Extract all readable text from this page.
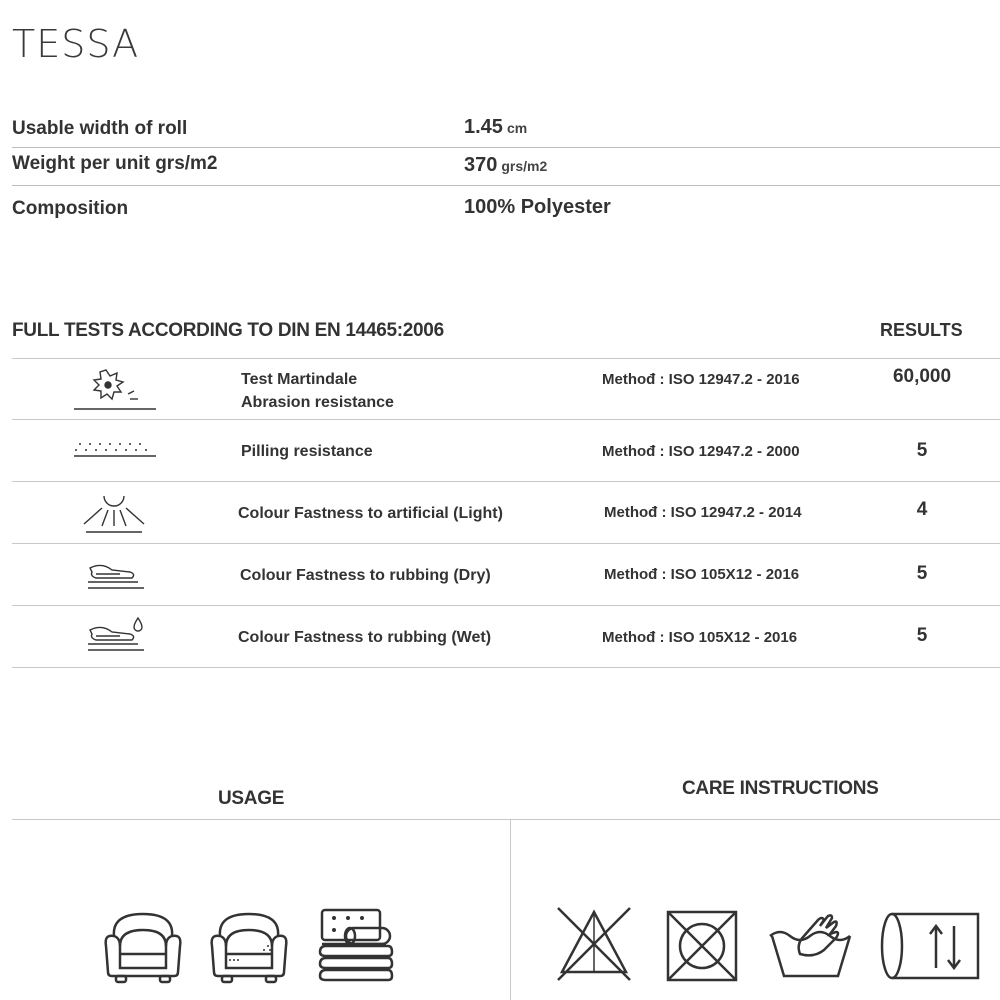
TESSA
Usable width of roll	1.45 cm
Weight per unit grs/m2	370 grs/m2
Composition	100% Polyester
FULL TESTS ACCORDING TO DIN EN 14465:2006	RESULTS
Test Martindale
Abrasion resistance
Methođ : ISO 12947.2 - 2016	60,000
Pilling resistance	Methođ : ISO 12947.2 - 2000	5
Colour Fastness to artificial (Light)	Methođ : ISO 12947.2 - 2014	4
Colour Fastness to rubbing (Dry)	Methođ : ISO 105X12 - 2016	5
Colour Fastness to rubbing (Wet)	Methođ : ISO 105X12 - 2016	5
USAGE	CARE INSTRUCTIONS
